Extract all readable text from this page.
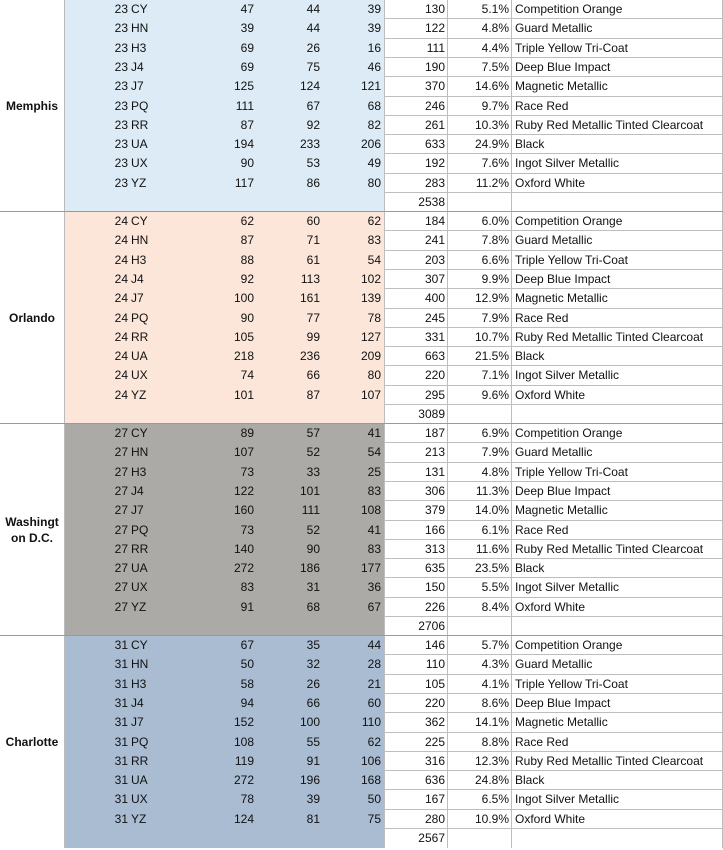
Memphis
23 CY	47	44	39	130	5.1% Competition Orange
23 HN	39	44	39	122	4.8% Guard Metallic
23 H3	69	26	16	111	4.4% Triple Yellow Tri-Coat
23 J4	69	75	46	190	7.5% Deep Blue Impact
23 J7	125	124	121	370	14.6% Magnetic Metallic
23 PQ	111	67	68	246	9.7% Race Red
23 RR	87	92	82	261	10.3% Ruby Red Metallic Tinted Clearcoat
23 UA	194	233	206	633	24.9% Black
23 UX	90	53	49	192	7.6% Ingot Silver Metallic
23 YZ	117	86	80	283	11.2% Oxford White
2538
Orlando
24 CY	62	60	62	184	6.0% Competition Orange
24 HN	87	71	83	241	7.8% Guard Metallic
24 H3	88	61	54	203	6.6% Triple Yellow Tri-Coat
24 J4	92	113	102	307	9.9% Deep Blue Impact
24 J7	100	161	139	400	12.9% Magnetic Metallic
24 PQ	90	77	78	245	7.9% Race Red
24 RR	105	99	127	331	10.7% Ruby Red Metallic Tinted Clearcoat
24 UA	218	236	209	663	21.5% Black
24 UX	74	66	80	220	7.1% Ingot Silver Metallic
24 YZ	101	87	107	295	9.6% Oxford White
3089
Washingt on D.C.
27 CY	89	57	41	187	6.9% Competition Orange
27 HN	107	52	54	213	7.9% Guard Metallic
27 H3	73	33	25	131	4.8% Triple Yellow Tri-Coat
27 J4	122	101	83	306	11.3% Deep Blue Impact
27 J7	160	111	108	379	14.0% Magnetic Metallic
27 PQ	73	52	41	166	6.1% Race Red
27 RR	140	90	83	313	11.6% Ruby Red Metallic Tinted Clearcoat
27 UA	272	186	177	635	23.5% Black
27 UX	83	31	36	150	5.5% Ingot Silver Metallic
27 YZ	91	68	67	226	8.4% Oxford White
2706
Charlotte
31 CY	67	35	44	146	5.7% Competition Orange
31 HN	50	32	28	110	4.3% Guard Metallic
31 H3	58	26	21	105	4.1% Triple Yellow Tri-Coat
31 J4	94	66	60	220	8.6% Deep Blue Impact
31 J7	152	100	110	362	14.1% Magnetic Metallic
31 PQ	108	55	62	225	8.8% Race Red
31 RR	119	91	106	316	12.3% Ruby Red Metallic Tinted Clearcoat
31 UA	272	196	168	636	24.8% Black
31 UX	78	39	50	167	6.5% Ingot Silver Metallic
31 YZ	124	81	75	280	10.9% Oxford White
2567
